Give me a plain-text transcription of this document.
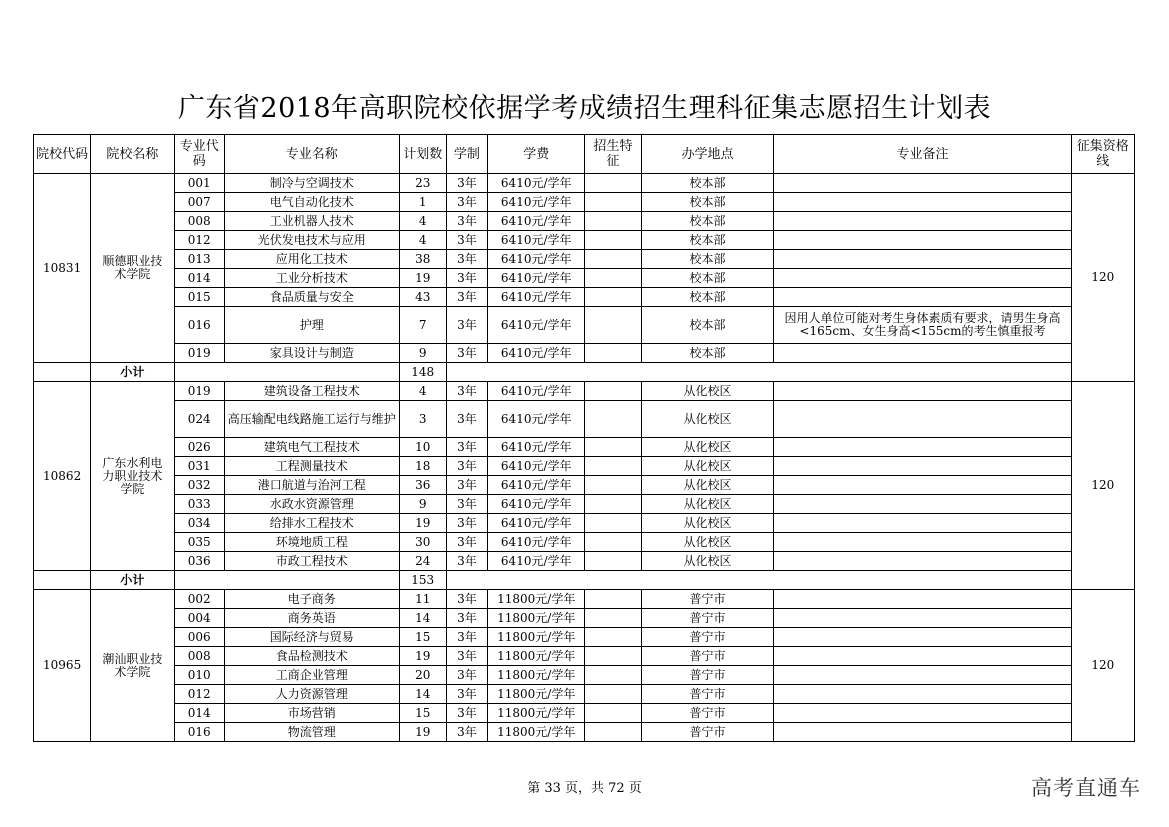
广东省2018年高职院校依据学考成绩招生理科征集志愿招生计划表
院校代码	院校名称	专业代码	专业名称	计划数	学制	学费	招生特征	办学地点	专业备注	征集资格线
10831	顺德职业技术学院	001	制冷与空调技术	23	3年	6410元/学年		校本部		120
		007	电气自动化技术	1	3年	6410元/学年		校本部		
		008	工业机器人技术	4	3年	6410元/学年		校本部		
		012	光伏发电技术与应用	4	3年	6410元/学年		校本部		
		013	应用化工技术	38	3年	6410元/学年		校本部		
		014	工业分析技术	19	3年	6410元/学年		校本部		
		015	食品质量与安全	43	3年	6410元/学年		校本部		
		016	护理	7	3年	6410元/学年		校本部	因用人单位可能对考生身体素质有要求，请男生身高<165cm、女生身高<155cm的考生慎重报考	
		019	家具设计与制造	9	3年	6410元/学年		校本部		
	小计			148						
10862	广东水利电力职业技术学院	019	建筑设备工程技术	4	3年	6410元/学年		从化校区		120
		024	高压输配电线路施工运行与维护	3	3年	6410元/学年		从化校区		
		026	建筑电气工程技术	10	3年	6410元/学年		从化校区		
		031	工程测量技术	18	3年	6410元/学年		从化校区		
		032	港口航道与治河工程	36	3年	6410元/学年		从化校区		
		033	水政水资源管理	9	3年	6410元/学年		从化校区		
		034	给排水工程技术	19	3年	6410元/学年		从化校区		
		035	环境地质工程	30	3年	6410元/学年		从化校区		
		036	市政工程技术	24	3年	6410元/学年		从化校区		
	小计			153						
10965	潮汕职业技术学院	002	电子商务	11	3年	11800元/学年		普宁市		120
		004	商务英语	14	3年	11800元/学年		普宁市		
		006	国际经济与贸易	15	3年	11800元/学年		普宁市		
		008	食品检测技术	19	3年	11800元/学年		普宁市		
		010	工商企业管理	20	3年	11800元/学年		普宁市		
		012	人力资源管理	14	3年	11800元/学年		普宁市		
		014	市场营销	15	3年	11800元/学年		普宁市		
		016	物流管理	19	3年	11800元/学年		普宁市		
第 33 页，共 72 页	高考直通车
